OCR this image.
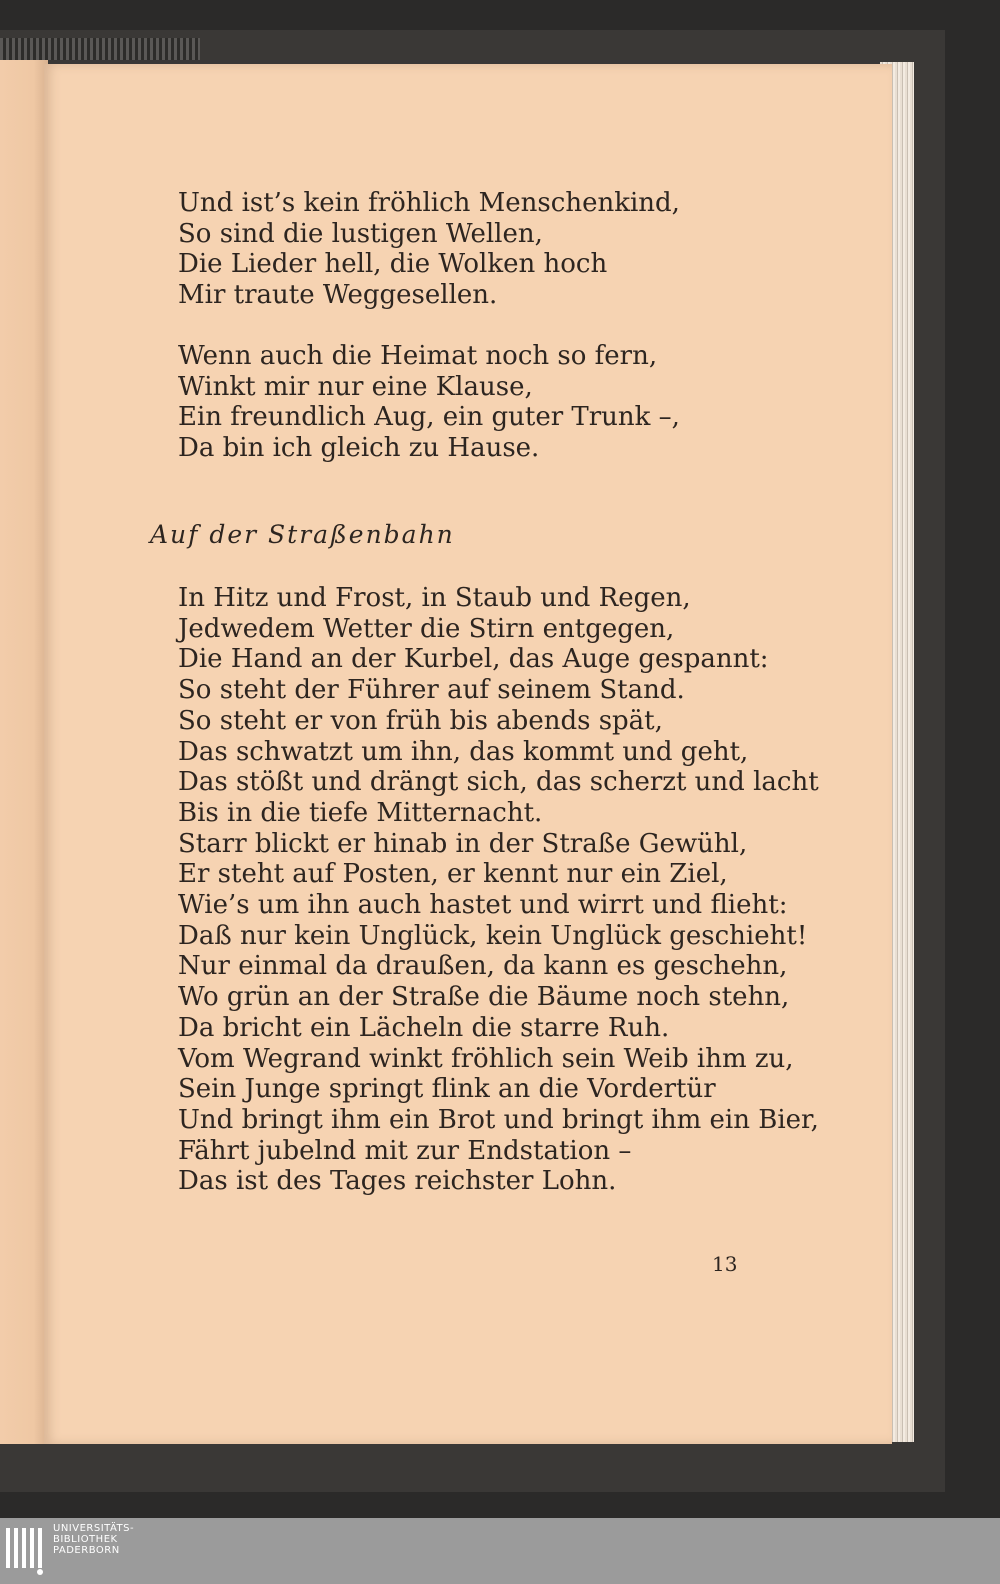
Und ist’s kein fröhlich Menschenkind,
So sind die lustigen Wellen,
Die Lieder hell, die Wolken hoch
Mir traute Weggesellen.
Wenn auch die Heimat noch so fern,
Winkt mir nur eine Klause,
Ein freundlich Aug, ein guter Trunk –,
Da bin ich gleich zu Hause.
Auf der Straßenbahn
In Hitz und Frost, in Staub und Regen,
Jedwedem Wetter die Stirn entgegen,
Die Hand an der Kurbel, das Auge gespannt:
So steht der Führer auf seinem Stand.
So steht er von früh bis abends spät,
Das schwatzt um ihn, das kommt und geht,
Das stößt und drängt sich, das scherzt und lacht
Bis in die tiefe Mitternacht.
Starr blickt er hinab in der Straße Gewühl,
Er steht auf Posten, er kennt nur ein Ziel,
Wie’s um ihn auch hastet und wirrt und flieht:
Daß nur kein Unglück, kein Unglück geschieht!
Nur einmal da draußen, da kann es geschehn,
Wo grün an der Straße die Bäume noch stehn,
Da bricht ein Lächeln die starre Ruh.
Vom Wegrand winkt fröhlich sein Weib ihm zu,
Sein Junge springt flink an die Vordertür
Und bringt ihm ein Brot und bringt ihm ein Bier,
Fährt jubelnd mit zur Endstation –
Das ist des Tages reichster Lohn.
13
UNIVERSITÄTS-
BIBLIOTHEK
PADERBORN
